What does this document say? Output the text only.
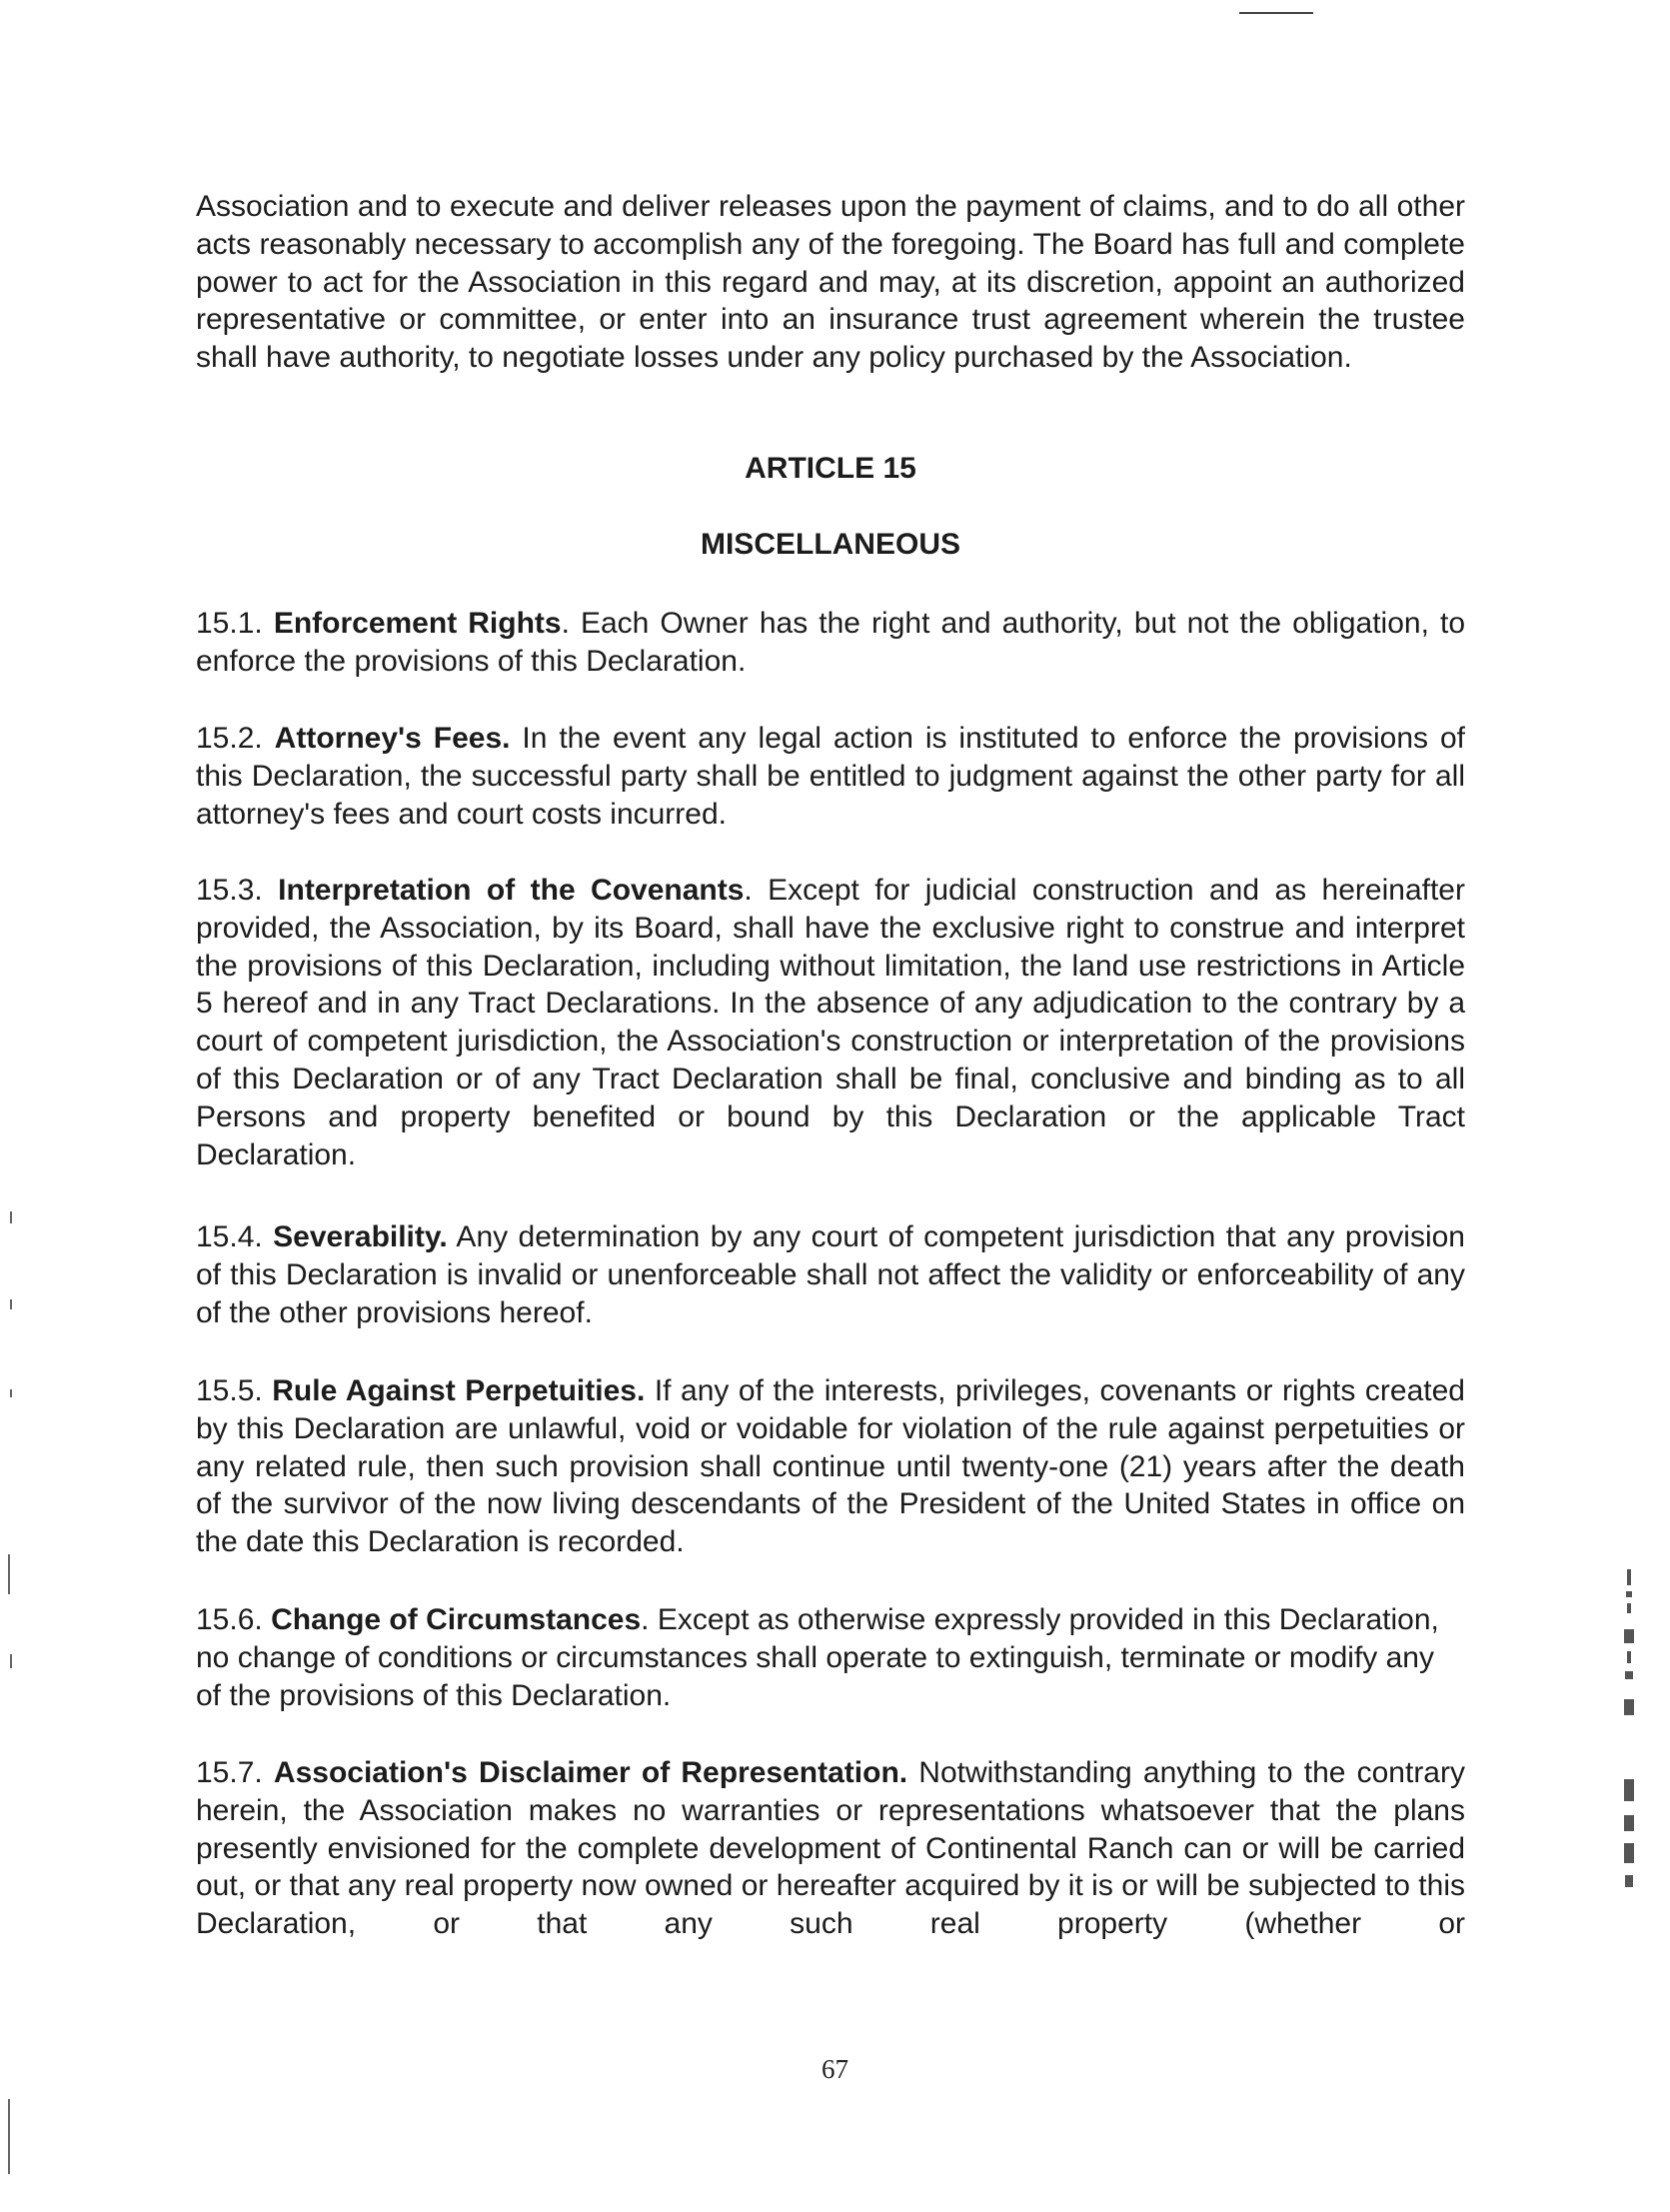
Association and to execute and deliver releases upon the payment of claims, and to do all other acts reasonably necessary to accomplish any of the foregoing. The Board has full and complete power to act for the Association in this regard and may, at its discretion, appoint an authorized representative or committee, or enter into an insurance trust agreement wherein the trustee shall have authority, to negotiate losses under any policy purchased by the Association.

ARTICLE 15
MISCELLANEOUS

15.1. Enforcement Rights. Each Owner has the right and authority, but not the obligation, to enforce the provisions of this Declaration.

15.2. Attorney's Fees. In the event any legal action is instituted to enforce the provisions of this Declaration, the successful party shall be entitled to judgment against the other party for all attorney's fees and court costs incurred.

15.3. Interpretation of the Covenants. Except for judicial construction and as hereinafter provided, the Association, by its Board, shall have the exclusive right to construe and interpret the provisions of this Declaration, including without limitation, the land use restrictions in Article 5 hereof and in any Tract Declarations. In the absence of any adjudication to the contrary by a court of competent jurisdiction, the Association's construction or interpretation of the provisions of this Declaration or of any Tract Declaration shall be final, conclusive and binding as to all Persons and property benefited or bound by this Declaration or the applicable Tract Declaration.

15.4. Severability. Any determination by any court of competent jurisdiction that any provision of this Declaration is invalid or unenforceable shall not affect the validity or enforceability of any of the other provisions hereof.

15.5. Rule Against Perpetuities. If any of the interests, privileges, covenants or rights created by this Declaration are unlawful, void or voidable for violation of the rule against perpetuities or any related rule, then such provision shall continue until twenty-one (21) years after the death of the survivor of the now living descendants of the President of the United States in office on the date this Declaration is recorded.

15.6. Change of Circumstances. Except as otherwise expressly provided in this Declaration, no change of conditions or circumstances shall operate to extinguish, terminate or modify any of the provisions of this Declaration.

15.7. Association's Disclaimer of Representation. Notwithstanding anything to the contrary herein, the Association makes no warranties or representations whatsoever that the plans presently envisioned for the complete development of Continental Ranch can or will be carried out, or that any real property now owned or hereafter acquired by it is or will be subjected to this Declaration, or that any such real property (whether or

67
